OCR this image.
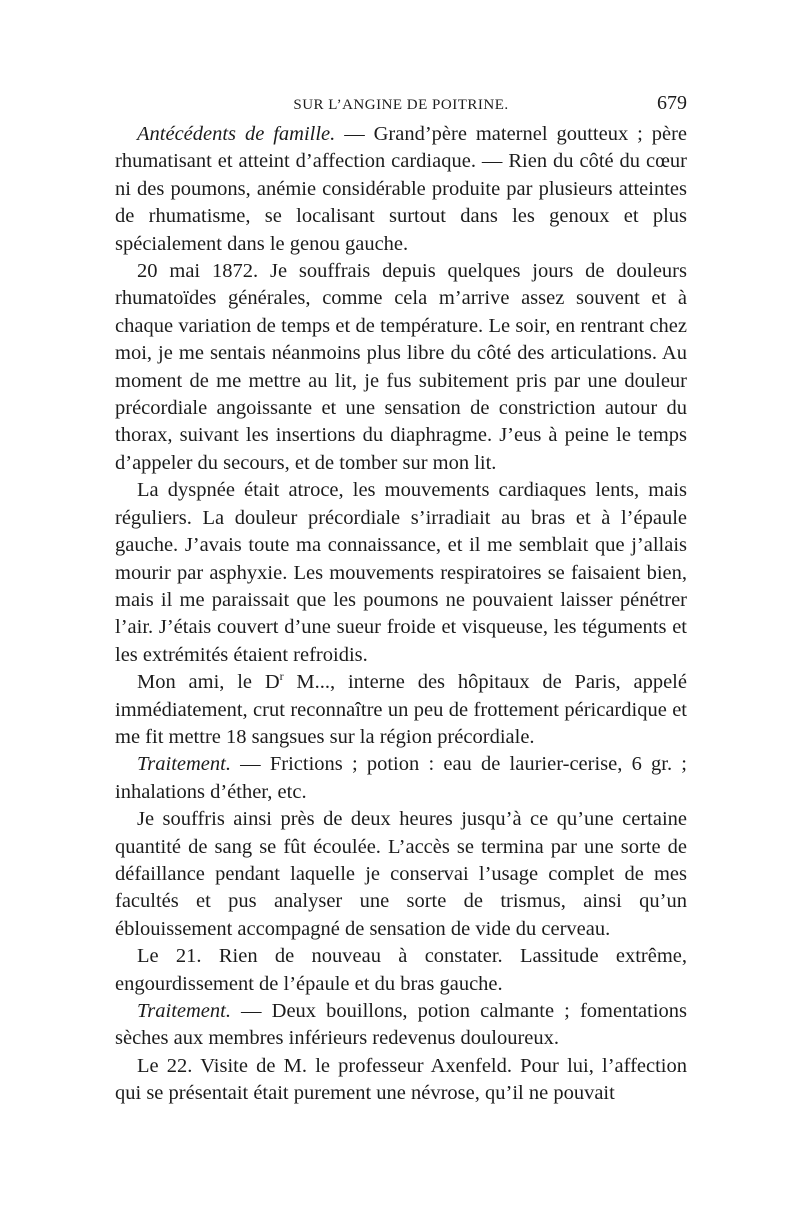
SUR L’ANGINE DE POITRINE.	679

Antécédents de famille. — Grand’père maternel goutteux ; père rhumatisant et atteint d’affection cardiaque. — Rien du côté du cœur ni des poumons, anémie considérable produite par plusieurs atteintes de rhumatisme, se localisant surtout dans les genoux et plus spécialement dans le genou gauche.

20 mai 1872. Je souffrais depuis quelques jours de douleurs rhumatoïdes générales, comme cela m’arrive assez souvent et à chaque variation de temps et de température. Le soir, en rentrant chez moi, je me sentais néanmoins plus libre du côté des articulations. Au moment de me mettre au lit, je fus subitement pris par une douleur précordiale angoissante et une sensation de constriction autour du thorax, suivant les insertions du diaphragme. J’eus à peine le temps d’appeler du secours, et de tomber sur mon lit.

La dyspnée était atroce, les mouvements cardiaques lents, mais réguliers. La douleur précordiale s’irradiait au bras et à l’épaule gauche. J’avais toute ma connaissance, et il me semblait que j’allais mourir par asphyxie. Les mouvements respiratoires se faisaient bien, mais il me paraissait que les poumons ne pouvaient laisser pénétrer l’air. J’étais couvert d’une sueur froide et visqueuse, les téguments et les extrémités étaient refroidis.

Mon ami, le $D^r$ M..., interne des hôpitaux de Paris, appelé immédiatement, crut reconnaître un peu de frottement péricardique et me fit mettre 18 sangsues sur la région précordiale.

Traitement. — Frictions ; potion : eau de laurier-cerise, 6 gr. ; inhalations d’éther, etc.

Je souffris ainsi près de deux heures jusqu’à ce qu’une certaine quantité de sang se fût écoulée. L’accès se termina par une sorte de défaillance pendant laquelle je conservai l’usage complet de mes facultés et pus analyser une sorte de trismus, ainsi qu’un éblouissement accompagné de sensation de vide du cerveau.

Le 21. Rien de nouveau à constater. Lassitude extrême, engourdissement de l’épaule et du bras gauche.

Traitement. — Deux bouillons, potion calmante ; fomentations sèches aux membres inférieurs redevenus douloureux.

Le 22. Visite de M. le professeur Axenfeld. Pour lui, l’affection qui se présentait était purement une névrose, qu’il ne pouvait
